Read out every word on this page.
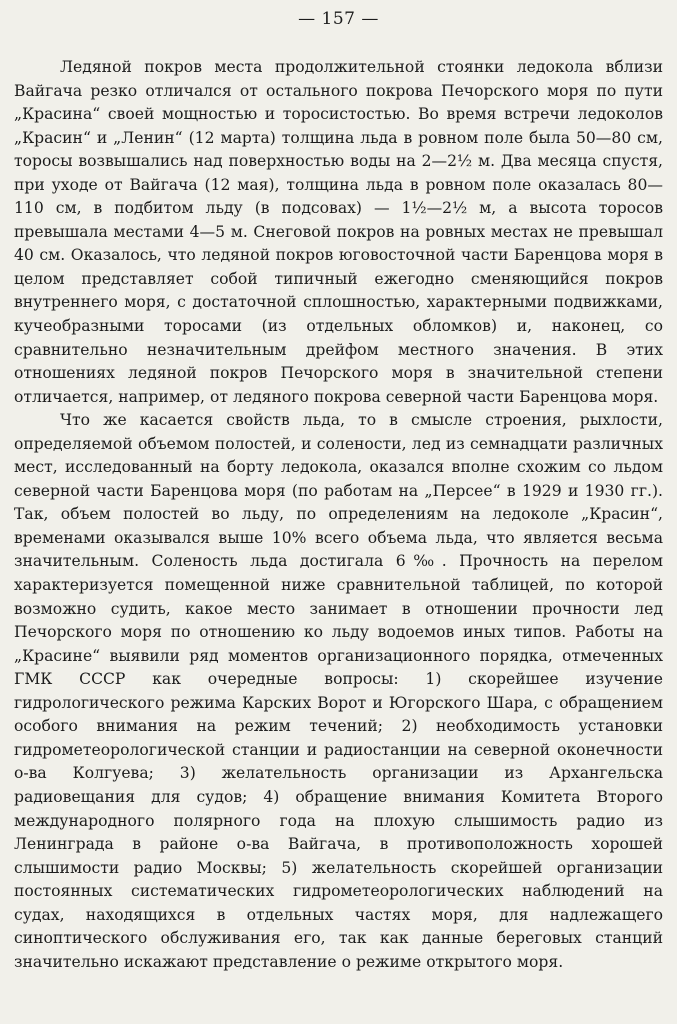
— 157 —

Ледяной покров места продолжительной стоянки ледокола вблизи Вайгача резко отличался от остального покрова Печорского моря по пути „Красина“ своей мощностью и торосистостью. Во время встречи ледоколов „Красин“ и „Ленин“ (12 марта) толщина льда в ровном поле была 50—80 см, торосы возвышались над поверхностью воды на 2—2½ м. Два месяца спустя, при уходе от Вайгача (12 мая), толщина льда в ровном поле оказалась 80—110 см, в подбитом льду (в подсовах) — 1½—2½ м, а высота торосов превышала местами 4—5 м. Снеговой покров на ровных местах не превышал 40 см. Оказалось, что ледяной покров юговосточной части Баренцова моря в целом представляет собой типичный ежегодно сменяющийся покров внутреннего моря, с достаточной сплошностью, характерными подвижками, кучеобразными торосами (из отдельных обломков) и, наконец, со сравнительно незначительным дрейфом местного значения. В этих отношениях ледяной покров Печорского моря в значительной степени отличается, например, от ледяного покрова северной части Баренцова моря.

Что же касается свойств льда, то в смысле строения, рыхлости, определяемой объемом полостей, и солености, лед из семнадцати различных мест, исследованный на борту ледокола, оказался вполне схожим со льдом северной части Баренцова моря (по работам на „Персее“ в 1929 и 1930 гг.). Так, объем полостей во льду, по определениям на ледоколе „Красин“, временами оказывался выше 10% всего объема льда, что является весьма значительным. Соленость льда достигала 6‰. Прочность на перелом характеризуется помещенной ниже сравнительной таблицей, по которой возможно судить, какое место занимает в отношении прочности лед Печорского моря по отношению ко льду водоемов иных типов. Работы на „Красине“ выявили ряд моментов организационного порядка, отмеченных ГМК СССР как очередные вопросы: 1) скорейшее изучение гидрологического режима Карских Ворот и Югорского Шара, с обращением особого внимания на режим течений; 2) необходимость установки гидрометеорологической станции и радиостанции на северной оконечности о-ва Колгуева; 3) желательность организации из Архангельска радиовещания для судов; 4) обращение внимания Комитета Второго международного полярного года на плохую слышимость радио из Ленинграда в районе о-ва Вайгача, в противоположность хорошей слышимости радио Москвы; 5) желательность скорейшей организации постоянных систематических гидрометеорологических наблюдений на судах, находящихся в отдельных частях моря, для надлежащего синоптического обслуживания его, так как данные береговых станций значительно искажают представление о режиме открытого моря.
